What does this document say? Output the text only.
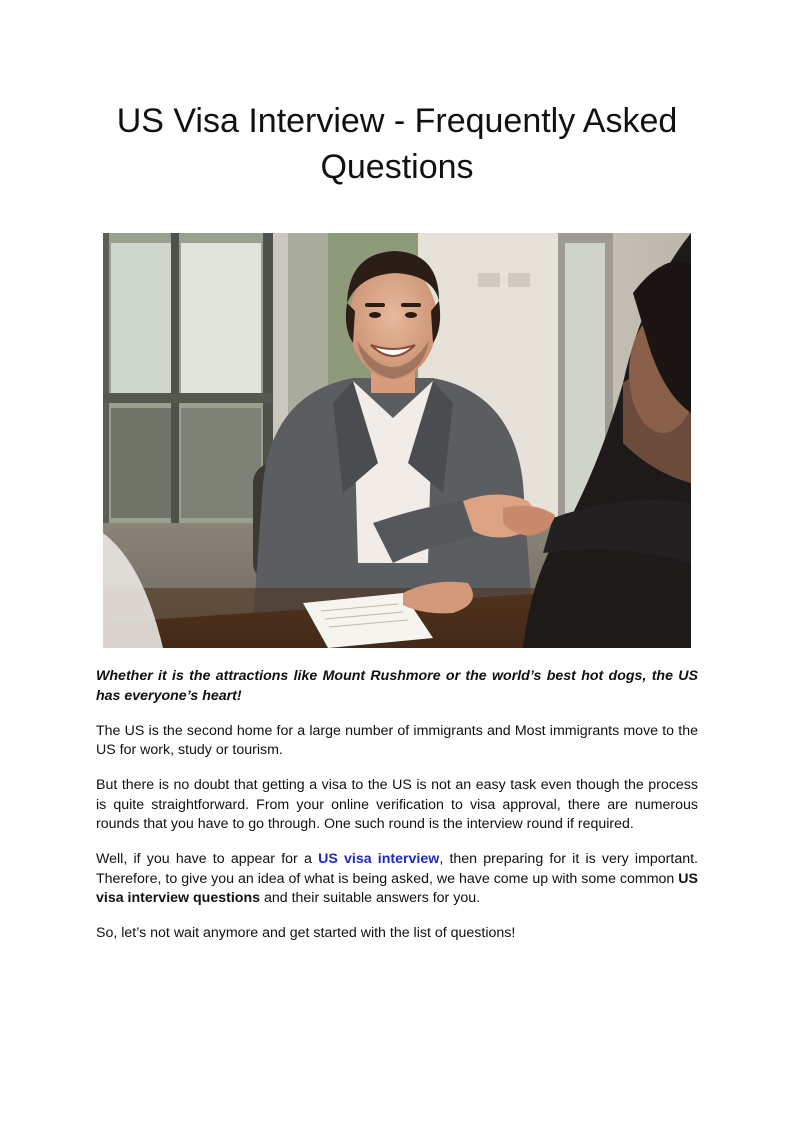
US Visa Interview - Frequently Asked Questions

Whether it is the attractions like Mount Rushmore or the world’s best hot dogs, the US has everyone’s heart!

The US is the second home for a large number of immigrants and Most immigrants move to the US for work, study or tourism.

But there is no doubt that getting a visa to the US is not an easy task even though the process is quite straightforward. From your online verification to visa approval, there are numerous rounds that you have to go through. One such round is the interview round if required.

Well, if you have to appear for a US visa interview, then preparing for it is very important. Therefore, to give you an idea of what is being asked, we have come up with some common US visa interview questions and their suitable answers for you.

So, let’s not wait anymore and get started with the list of questions!
